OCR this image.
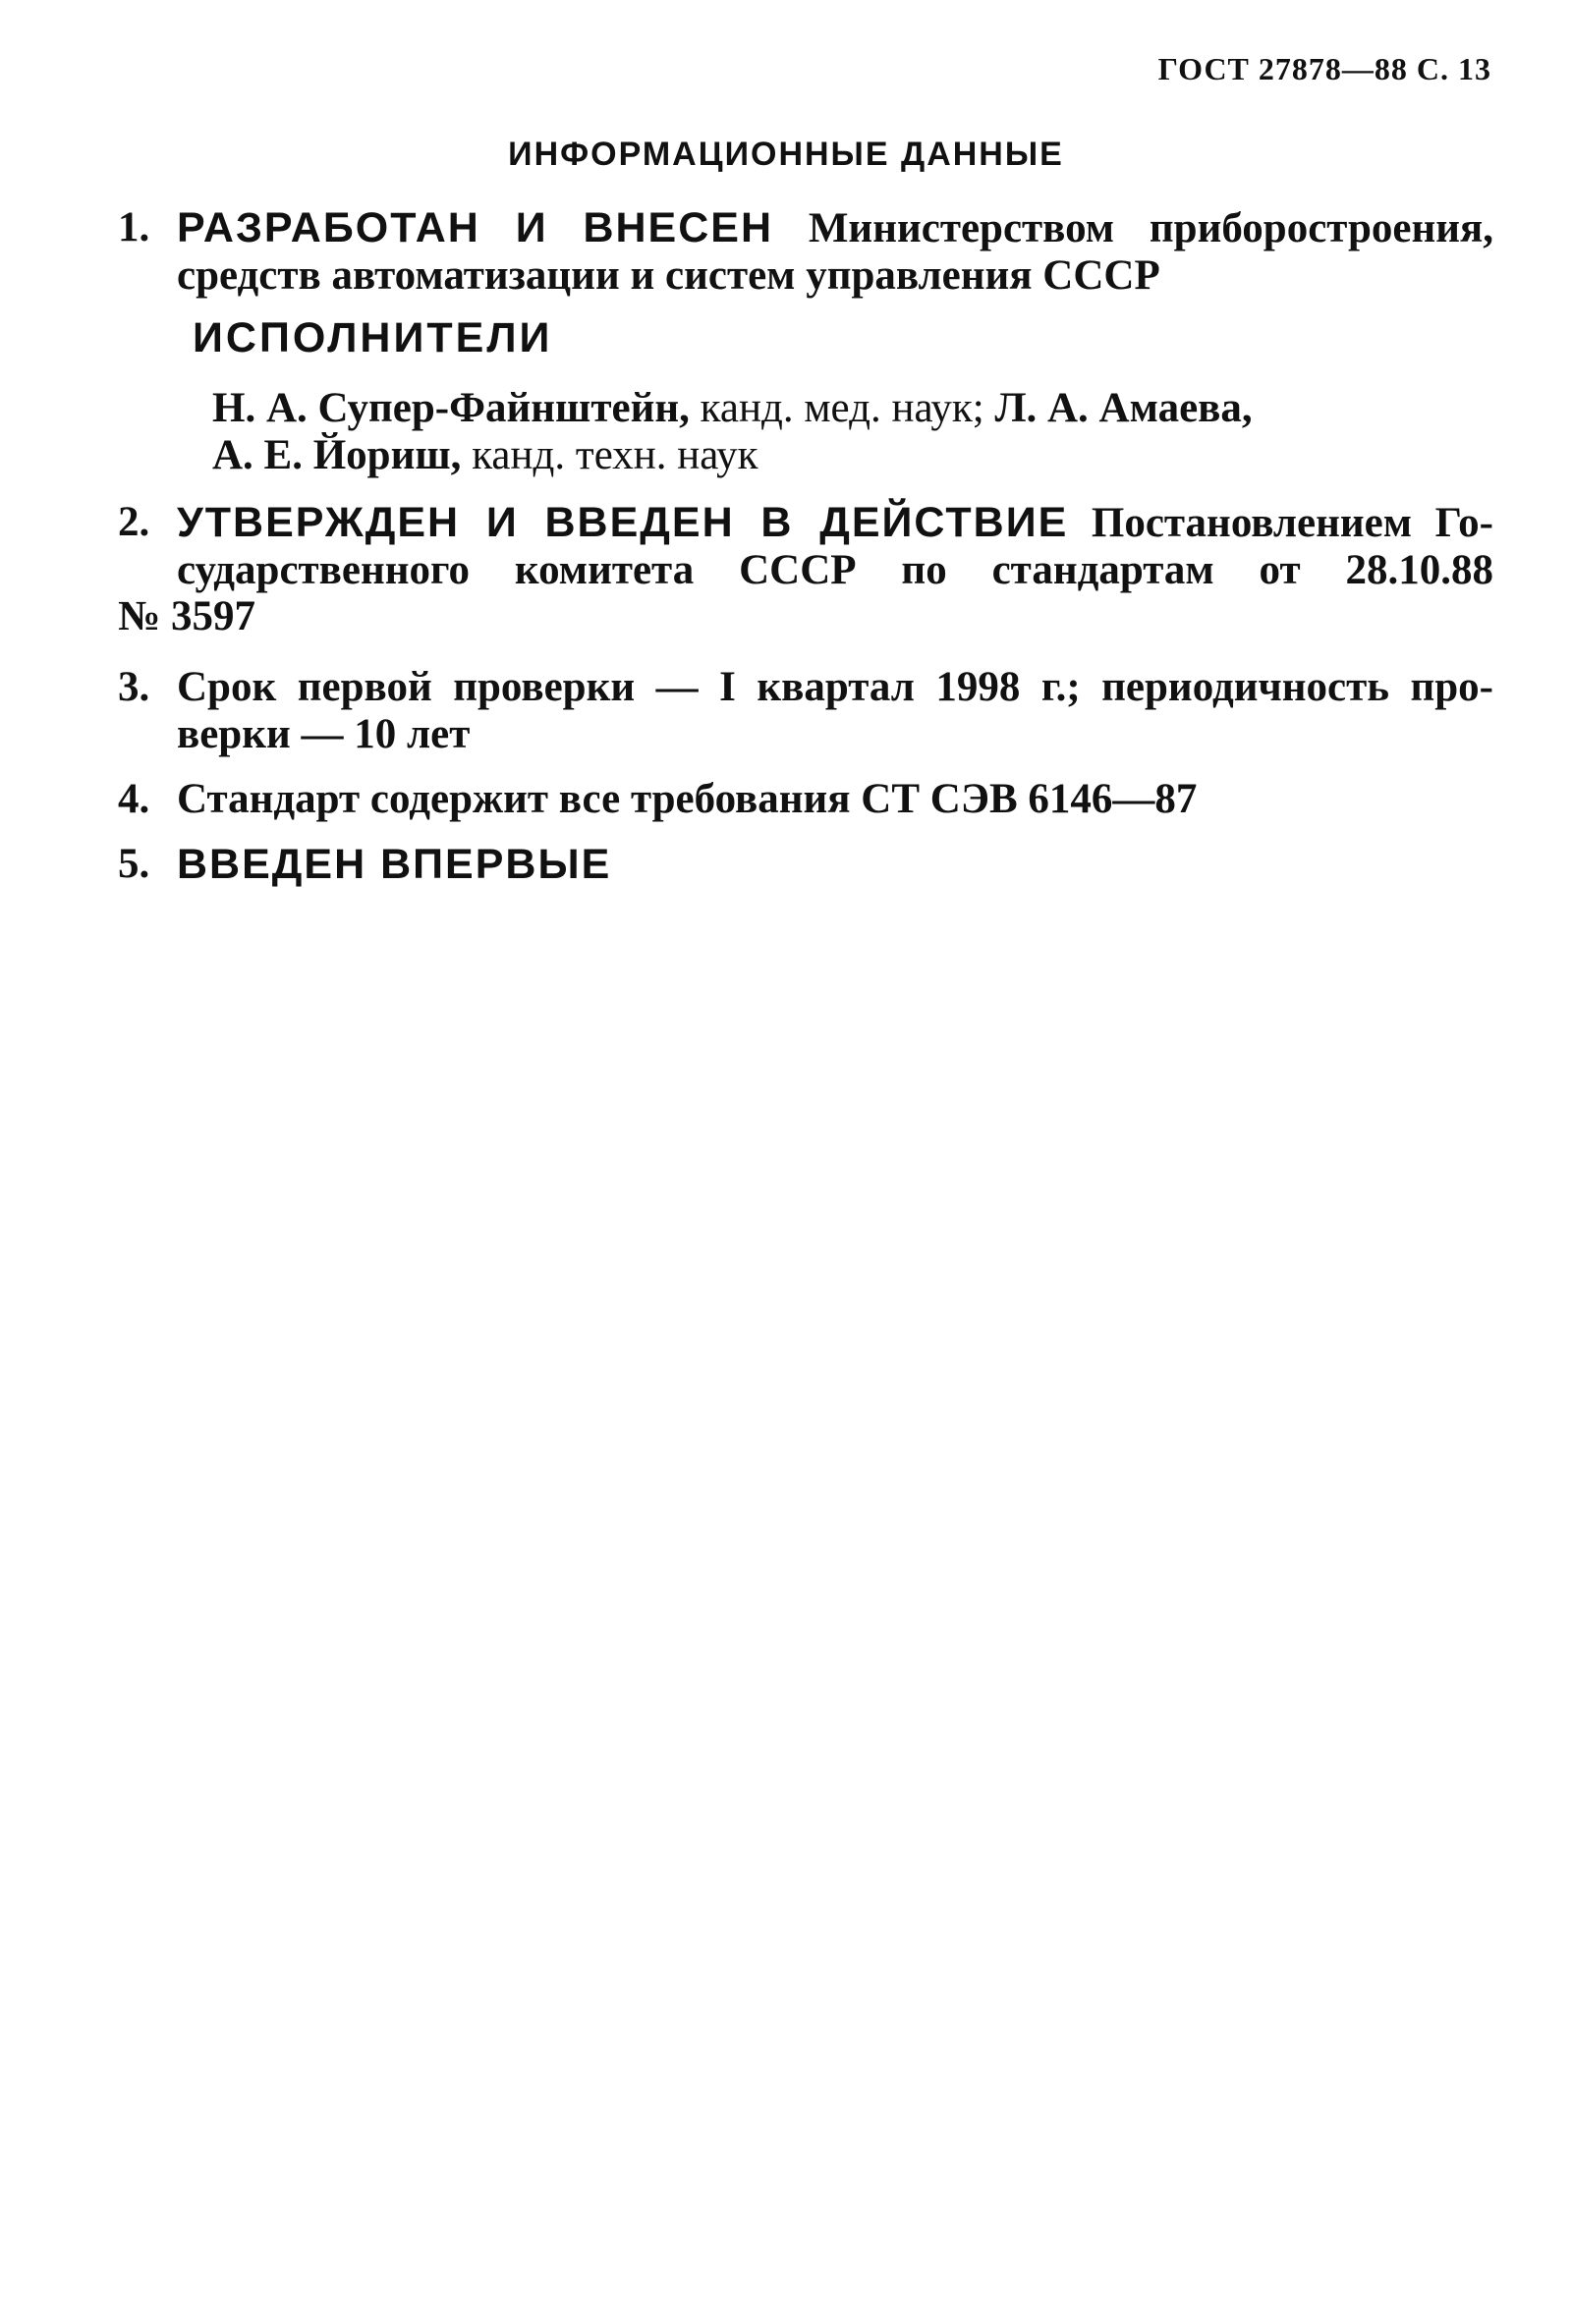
ГОСТ 27878—88 С. 13
ИНФОРМАЦИОННЫЕ ДАННЫЕ
1. РАЗРАБОТАН И ВНЕСЕН Министерством приборостроения,
средств автоматизации и систем управления СССР
ИСПОЛНИТЕЛИ
Н. А. Супер-Файнштейн, канд. мед. наук; Л. А. Амаева,
А. Е. Йориш, канд. техн. наук
2. УТВЕРЖДЕН И ВВЕДЕН В ДЕЙСТВИЕ Постановлением Го-
сударственного комитета СССР по стандартам от 28.10.88
№ 3597
3. Срок первой проверки — I квартал 1998 г.; периодичность про-
верки — 10 лет
4. Стандарт содержит все требования СТ СЭВ 6146—87
5. ВВЕДЕН ВПЕРВЫЕ
